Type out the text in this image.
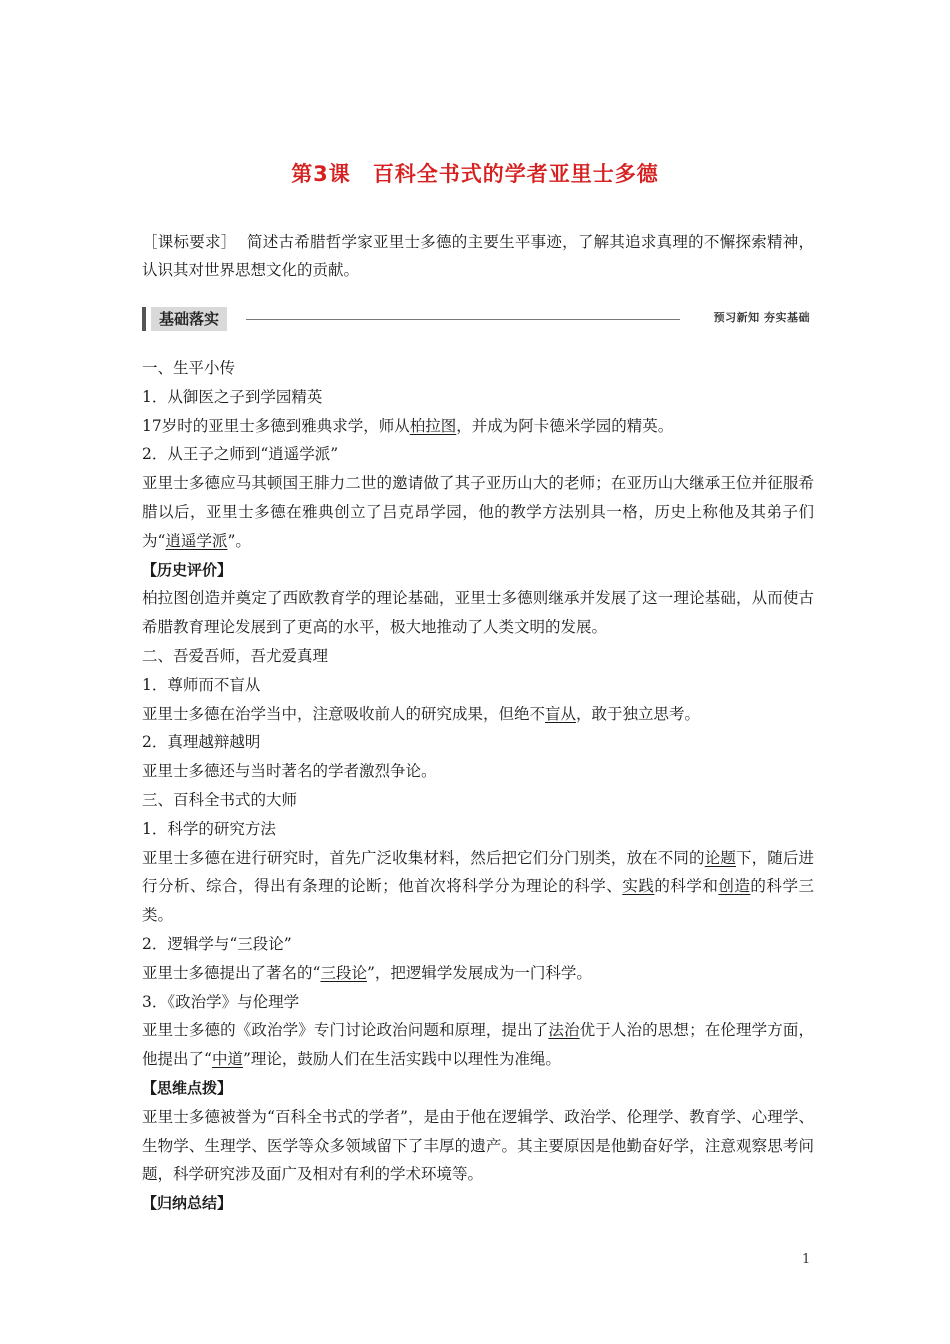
第3课 百科全书式的学者亚里士多德
［课标要求］ 简述古希腊哲学家亚里士多德的主要生平事迹，了解其追求真理的不懈探索精神，认识其对世界思想文化的贡献。
基础落实	预习新知 夯实基础

一、生平小传

1．从御医之子到学园精英

17岁时的亚里士多德到雅典求学，师从柏拉图，并成为阿卡德米学园的精英。

2．从王子之师到“逍遥学派”

亚里士多德应马其顿国王腓力二世的邀请做了其子亚历山大的老师；在亚历山大继承王位并征服希腊以后，亚里士多德在雅典创立了吕克昂学园，他的教学方法别具一格，历史上称他及其弟子们为“逍遥学派”。

【历史评价】

柏拉图创造并奠定了西欧教育学的理论基础，亚里士多德则继承并发展了这一理论基础，从而使古希腊教育理论发展到了更高的水平，极大地推动了人类文明的发展。

二、吾爱吾师，吾尤爱真理

1．尊师而不盲从

亚里士多德在治学当中，注意吸收前人的研究成果，但绝不盲从，敢于独立思考。

2．真理越辩越明

亚里士多德还与当时著名的学者激烈争论。

三、百科全书式的大师

1．科学的研究方法

亚里士多德在进行研究时，首先广泛收集材料，然后把它们分门别类，放在不同的论题下，随后进行分析、综合，得出有条理的论断；他首次将科学分为理论的科学、实践的科学和创造的科学三类。

2．逻辑学与“三段论”

亚里士多德提出了著名的“三段论”，把逻辑学发展成为一门科学。

3．《政治学》与伦理学

亚里士多德的《政治学》专门讨论政治问题和原理，提出了法治优于人治的思想；在伦理学方面，他提出了“中道”理论，鼓励人们在生活实践中以理性为准绳。

【思维点拨】

亚里士多德被誉为“百科全书式的学者”，是由于他在逻辑学、政治学、伦理学、教育学、心理学、生物学、生理学、医学等众多领域留下了丰厚的遗产。其主要原因是他勤奋好学，注意观察思考问题，科学研究涉及面广及相对有利的学术环境等。

【归纳总结】

1
